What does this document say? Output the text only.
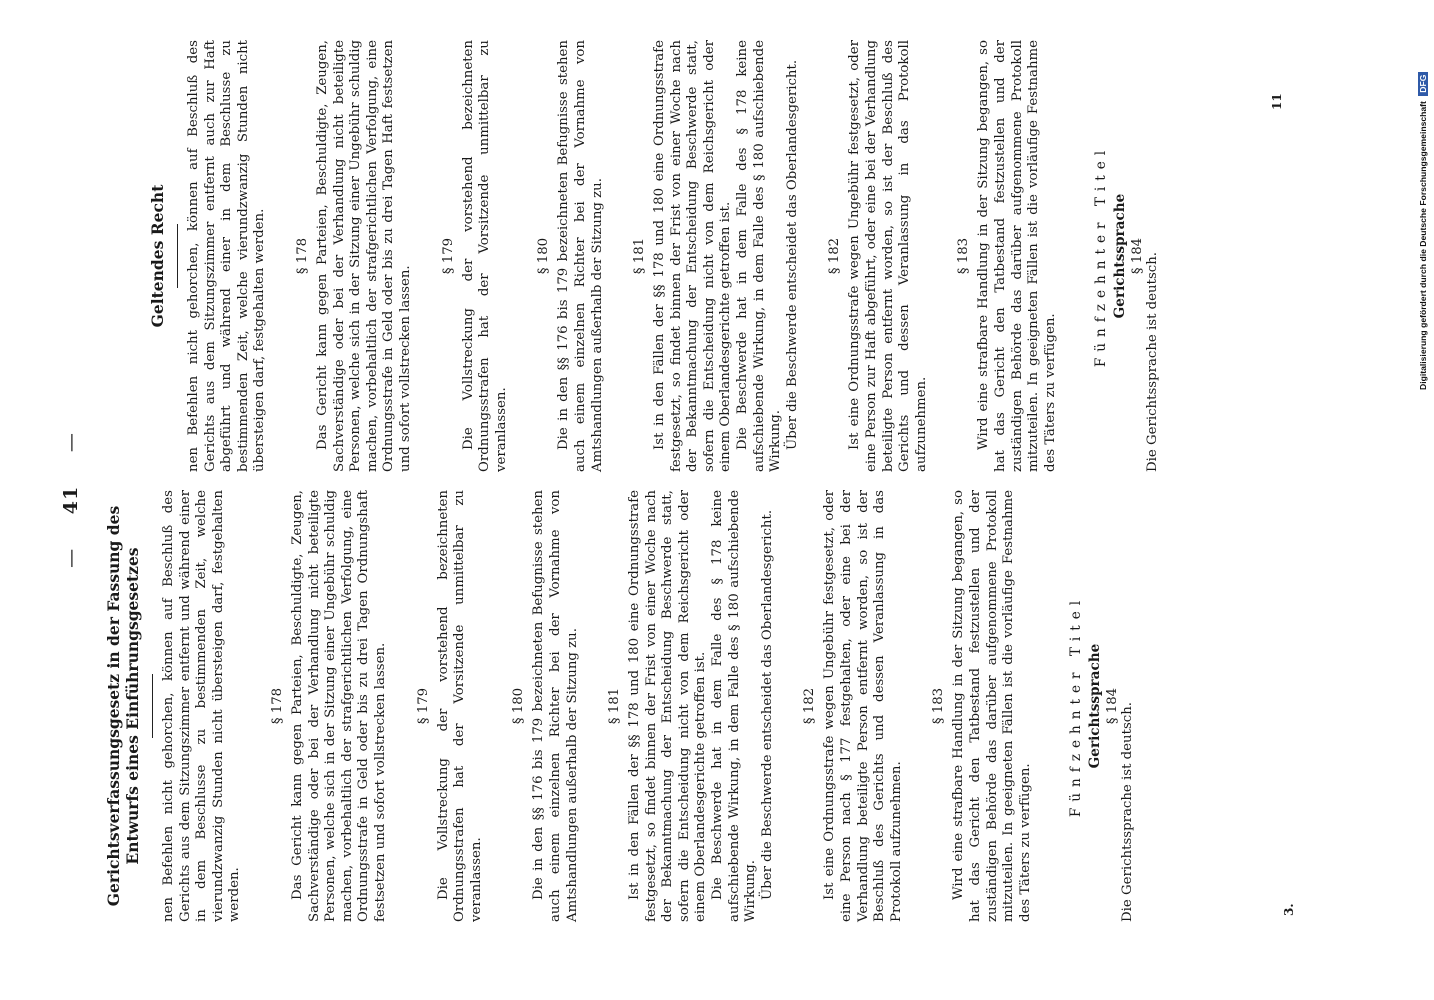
— 41 —
Gerichtsverfassungsgesetz in der Fassung des Entwurfs eines Einführungsgesetzes nen Befehlen nicht gehorchen, können auf Beschluß des Gerichts aus dem Sitzungszimmer entfernt und während einer in dem Beschlusse zu bestimmenden Zeit, welche vierundzwanzig Stunden nicht übersteigen darf, festgehalten werden.

§ 178 Das Gericht kann gegen Parteien, Beschuldigte, Zeugen, Sachverständige oder bei der Verhandlung nicht beteiligte Personen, welche sich in der Sitzung einer Ungebühr schuldig machen, vorbehaltlich der strafgerichtlichen Verfolgung, eine Ordnungsstrafe in Geld oder bis zu drei Tagen Ordnungshaft festsetzen und sofort vollstrecken lassen. § 179 Die Vollstreckung der vorstehend bezeichneten Ordnungsstrafen hat der Vorsitzende unmittelbar zu veranlassen.

§ 180 Die in den §§ 176 bis 179 bezeichneten Befugnisse stehen auch einem einzelnen Richter bei der Vornahme von Amtshandlungen außerhalb der Sitzung zu. § 181 Ist in den Fällen der §§ 178 und 180 eine Ordnungsstrafe festgesetzt, so findet binnen der Frist von einer Woche nach der Bekanntmachung der Entscheidung Beschwerde statt, sofern die Entscheidung nicht von dem Reichsgericht oder einem Oberlandesgerichte getroffen ist. Die Beschwerde hat in dem Falle des § 178 keine aufschiebende Wirkung, in dem Falle des § 180 aufschiebende Wirkung. Über die Beschwerde entscheidet das Oberlandesgericht. § 182 Ist eine Ordnungsstrafe wegen Ungebühr festgesetzt, oder eine Person nach § 177 festgehalten, oder eine bei der Verhandlung beteiligte Person entfernt worden, so ist der Beschluß des Gerichts und dessen Veranlassung in das Protokoll aufzunehmen.

§ 183 Wird eine strafbare Handlung in der Sitzung begangen, so hat das Gericht den Tatbestand festzustellen und der zuständigen Behörde das darüber aufgenommene Protokoll mitzuteilen. In geeigneten Fällen ist die vorläufige Festnahme des Täters zu verfügen.

Fünfzehnter Titel Gerichtssprache § 184 Die Gerichtssprache ist deutsch.

Geltendes Recht nen Befehlen nicht gehorchen, können auf Beschluß des Gerichts aus dem Sitzungszimmer entfernt auch zur Haft abgeführt und während einer in dem Beschlusse zu bestimmenden Zeit, welche vierundzwanzig Stunden nicht übersteigen darf, festgehalten werden. § 178 Das Gericht kann gegen Parteien, Beschuldigte, Zeugen, Sachverständige oder bei der Verhandlung nicht beteiligte Personen, welche sich in der Sitzung einer Ungebühr schuldig machen, vorbehaltlich der strafgerichtlichen Verfolgung, eine Ordnungsstrafe in Geld oder bis zu drei Tagen Haft festsetzen und sofort vollstrecken lassen.

§ 179 Die Vollstreckung der vorstehend bezeichneten Ordnungsstrafen hat der Vorsitzende unmittelbar zu veranlassen.

§ 180 Die in den §§ 176 bis 179 bezeichneten Befugnisse stehen auch einem einzelnen Richter bei der Vornahme von Amtshandlungen außerhalb der Sitzung zu. § 181 Ist in den Fällen der §§ 178 und 180 eine Ordnungsstrafe festgesetzt, so findet binnen der Frist von einer Woche nach der Bekanntmachung der Entscheidung Beschwerde statt, sofern die Entscheidung nicht von dem Reichsgericht oder einem Oberlandesgerichte getroffen ist. Die Beschwerde hat in dem Falle des § 178 keine aufschiebende Wirkung, in dem Falle des § 180 aufschiebende Wirkung. Über die Beschwerde entscheidet das Oberlandesgericht. § 182 Ist eine Ordnungsstrafe wegen Ungebühr festgesetzt, oder eine Person zur Haft abgeführt, oder eine bei der Verhandlung beteiligte Person entfernt worden, so ist der Beschluß des Gerichts und dessen Veranlassung in das Protokoll aufzunehmen.

§ 183 Wird eine strafbare Handlung in der Sitzung begangen, so hat das Gericht den Tatbestand festzustellen und der zuständigen Behörde das darüber aufgenommene Protokoll mitzuteilen. In geeigneten Fällen ist die vorläufige Festnahme des Täters zu verfügen.

Fünfzehnter Titel Gerichtssprache § 184 Die Gerichtssprache ist deutsch.

3.
11	Digitalisierung gefördert durch die Deutsche Forschungsgemeinschaft DFG
